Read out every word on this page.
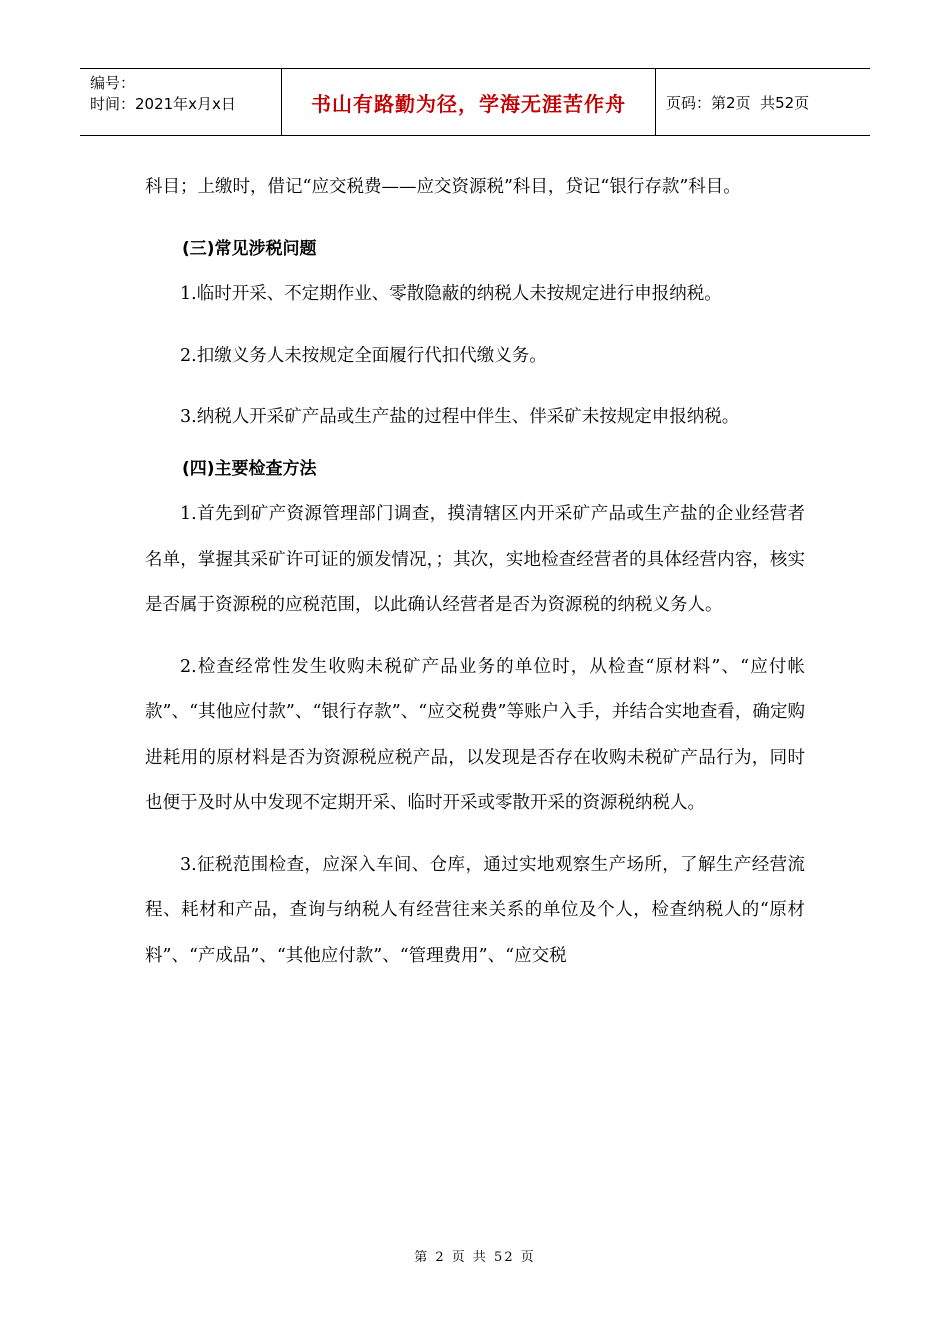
编号：
时间：2021年x月x日	书山有路勤为径，学海无涯苦作舟	页码：第2页  共52页

科目；上缴时，借记“应交税费——应交资源税”科目，贷记“银行存款”科目。

(三)常见涉税问题

1.临时开采、不定期作业、零散隐蔽的纳税人未按规定进行申报纳税。

2.扣缴义务人未按规定全面履行代扣代缴义务。

3.纳税人开采矿产品或生产盐的过程中伴生、伴采矿未按规定申报纳税。

(四)主要检查方法

1.首先到矿产资源管理部门调查，摸清辖区内开采矿产品或生产盐的企业经营者名单，掌握其采矿许可证的颁发情况，；其次，实地检查经营者的具体经营内容，核实是否属于资源税的应税范围，以此确认经营者是否为资源税的纳税义务人。

2.检查经常性发生收购未税矿产品业务的单位时，从检查“原材料”、“应付帐款”、“其他应付款”、“银行存款”、“应交税费”等账户入手，并结合实地查看，确定购进耗用的原材料是否为资源税应税产品，以发现是否存在收购未税矿产品行为，同时也便于及时从中发现不定期开采、临时开采或零散开采的资源税纳税人。

3.征税范围检查，应深入车间、仓库，通过实地观察生产场所，了解生产经营流程、耗材和产品，查询与纳税人有经营往来关系的单位及个人，检查纳税人的“原材料”、“产成品”、“其他应付款”、“管理费用”、“应交税

第 2 页 共 52 页
